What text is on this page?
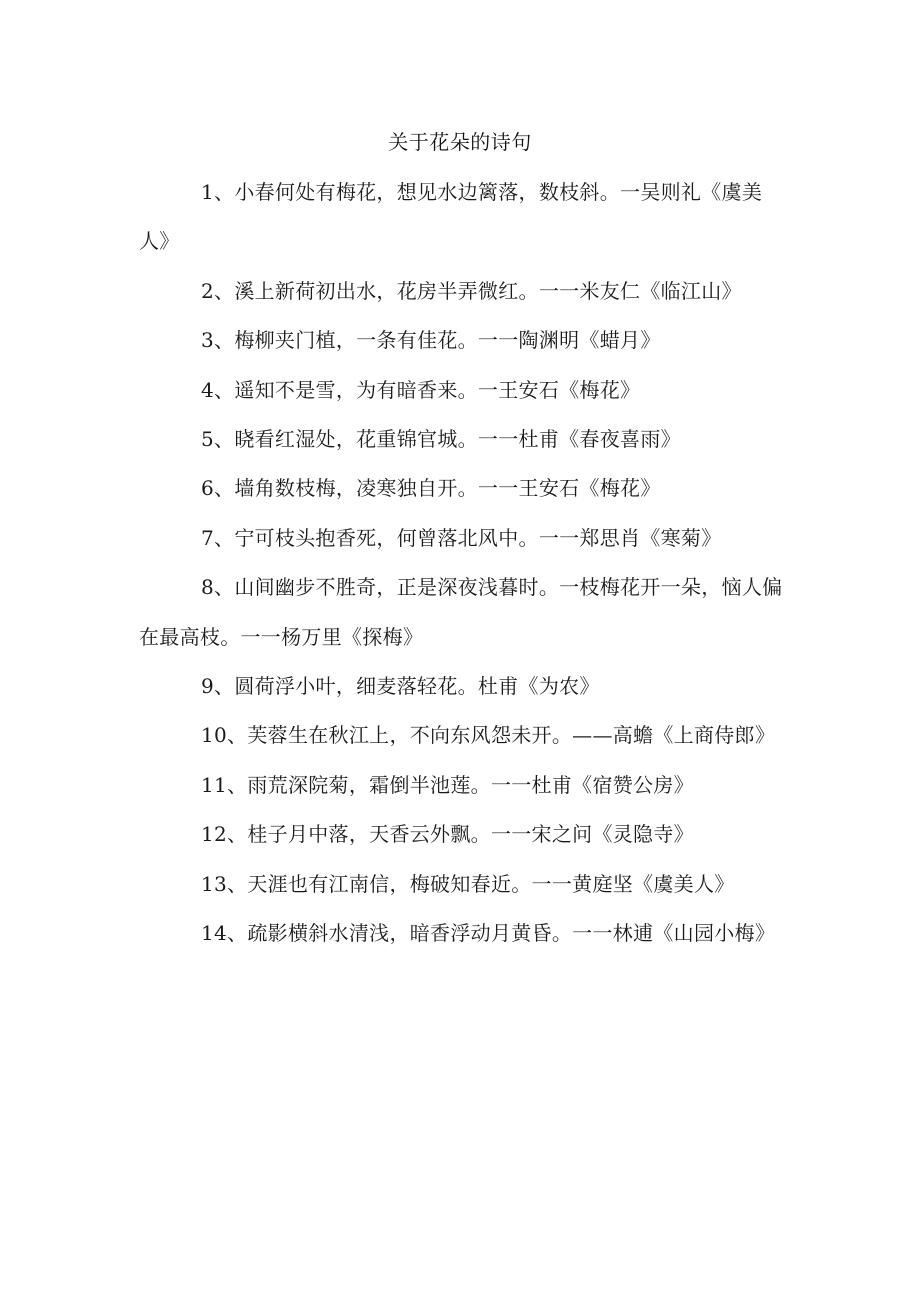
关于花朵的诗句

1、小春何处有梅花，想见水边篱落，数枝斜。一吴则礼《虞美人》

2、溪上新荷初出水，花房半弄微红。一一米友仁《临江山》

3、梅柳夹门植，一条有佳花。一一陶渊明《蜡月》

4、遥知不是雪，为有暗香来。一王安石《梅花》

5、晓看红湿处，花重锦官城。一一杜甫《春夜喜雨》

6、墙角数枝梅，凌寒独自开。一一王安石《梅花》

7、宁可枝头抱香死，何曾落北风中。一一郑思肖《寒菊》

8、山间幽步不胜奇，正是深夜浅暮时。一枝梅花开一朵，恼人偏在最高枝。一一杨万里《探梅》

9、圆荷浮小叶，细麦落轻花。杜甫《为农》

10、芙蓉生在秋江上，不向东风怨未开。——高蟾《上商侍郎》

11、雨荒深院菊，霜倒半池莲。一一杜甫《宿赞公房》

12、桂子月中落，天香云外飘。一一宋之问《灵隐寺》

13、天涯也有江南信，梅破知春近。一一黄庭坚《虞美人》

14、疏影横斜水清浅，暗香浮动月黄昏。一一林逋《山园小梅》
